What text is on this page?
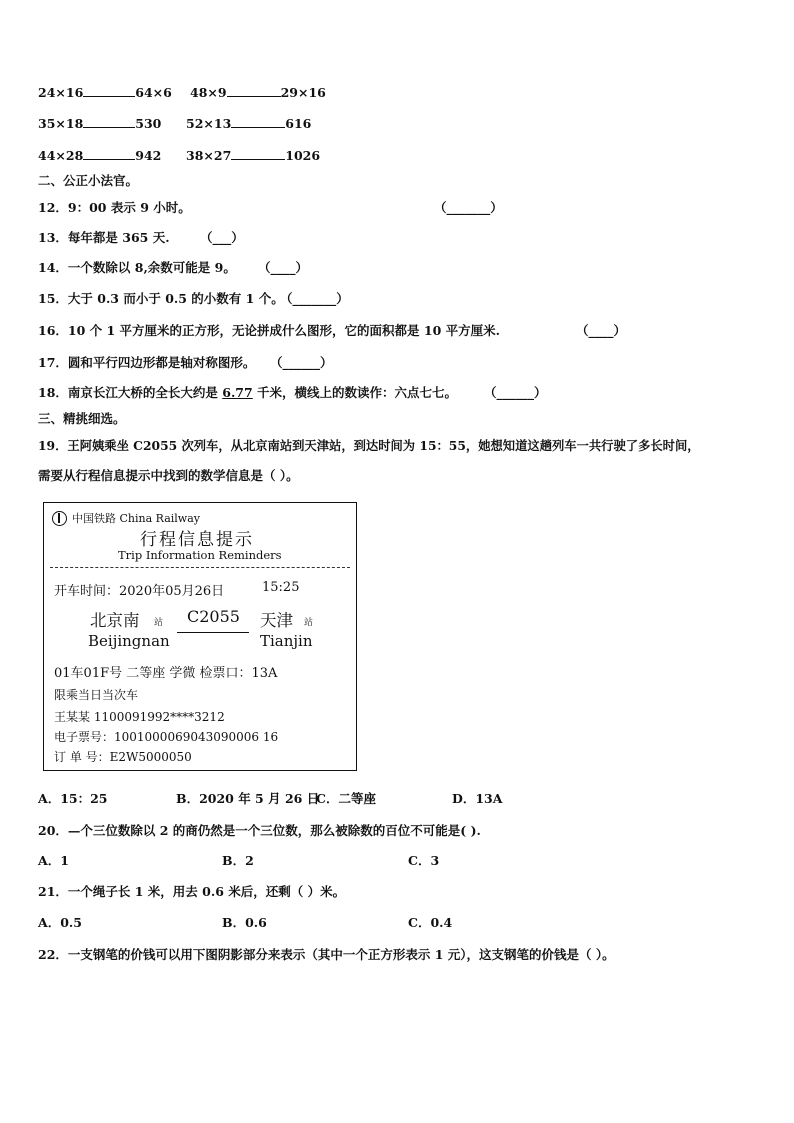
24×16	64×6 48×9	29×16
35×18	530 52×13	616
44×28	942 38×27	1026
二、公正小法官。
12．9：00 表示 9 小时。	（_______）
13．每年都是 365 天. （___）
14．一个数除以 8,余数可能是 9。 （____）
15．大于 0.3 而小于 0.5 的小数有 1 个。
（_______）
16．10 个 1 平方厘米的正方形，无论拼成什么图形，它的面积都是 10 平方厘米.	（____）
17．圆和平行四边形都是轴对称图形。 （______）
18．南京长江大桥的全长大约是 6.77 千米，横线上的数读作：六点七七。 （______）
三、精挑细选。
19．王阿姨乘坐 C2055 次列车，从北京南站到天津站，到达时间为 15：55，她想知道这趟列车一共行驶了多长时间，
需要从行程信息提示中找到的数学信息是（ ）。
中国铁路 China Railway
行程信息提示
Trip Information Reminders
开车时间：2020年05月26日	15:25
北京南 站 C2055 天津 站
Beijingnan	Tianjin
01车01F号 二等座 学微 检票口：13A
限乘当日当次车
王某某 1100091992****3212
电子票号：1001000069043090006 16
订 单 号：E2W5000050
A．15：25	B．2020 年 5 月 26 日
C．二等座	D．13A
20．—个三位数除以 2 的商仍然是一个三位数，那么被除数的百位不可能是( ).
A．1	B．2	C．3
21．一个绳子长 1 米，用去 0.6 米后，还剩（ ）米。
A．0.5	B．0.6	C．0.4
22．一支钢笔的价钱可以用下图阴影部分来表示（其中一个正方形表示 1 元），这支钢笔的价钱是（ ）。
